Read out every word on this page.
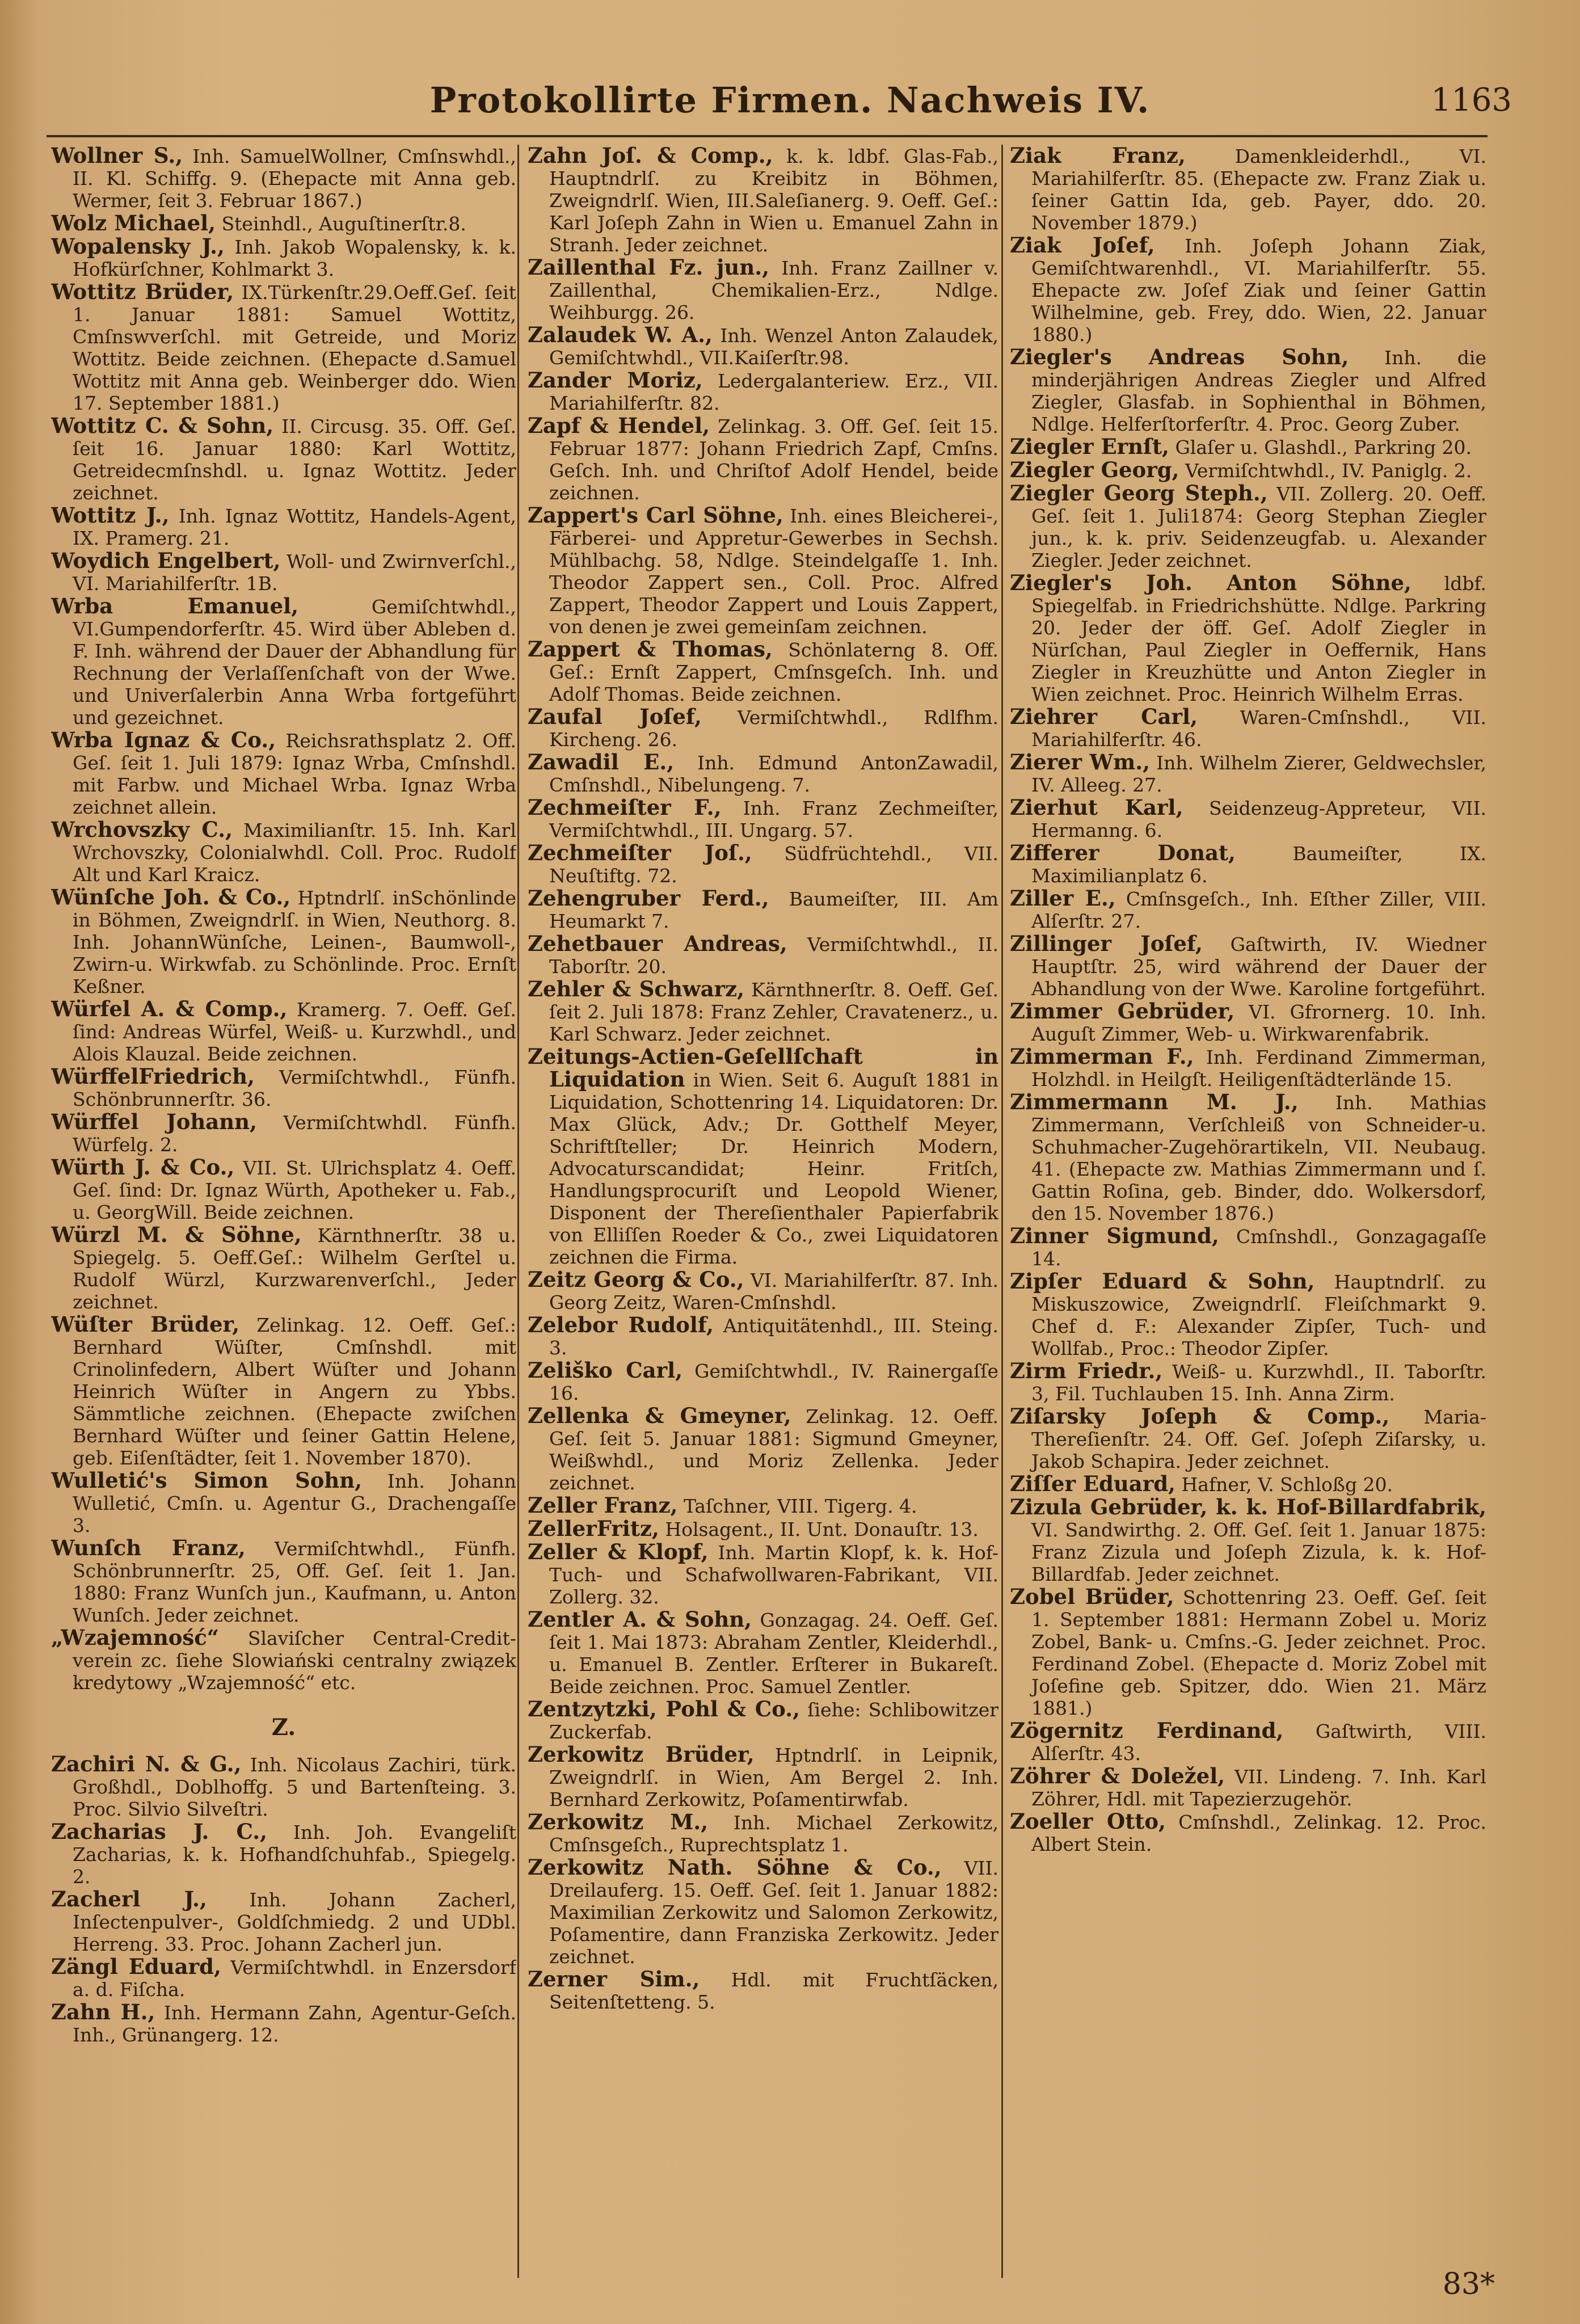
Protokollirte Firmen. Nachweis IV.	1163

Wollner S., Inh. SamuelWollner, Cmſnswhdl., II. Kl. Schiffg. 9. (Ehepacte mit Anna geb. Wermer, ſeit 3. Februar 1867.)

Wolz Michael, Steinhdl., Auguſtinerſtr.8.

Wopalensky J., Inh. Jakob Wopalensky, k. k. Hofkürſchner, Kohlmarkt 3.

Wottitz Brüder, IX.Türkenſtr.29.Oeff.Geſ. ſeit 1. Januar 1881: Samuel Wottitz, Cmſnswverſchl. mit Getreide, und Moriz Wottitz. Beide zeichnen. (Ehepacte d.Samuel Wottitz mit Anna geb. Weinberger ddo. Wien 17. September 1881.)

Wottitz C. & Sohn, II. Circusg. 35. Off. Geſ. ſeit 16. Januar 1880: Karl Wottitz, Getreidecmſnshdl. u. Ignaz Wottitz. Jeder zeichnet.

Wottitz J., Inh. Ignaz Wottitz, Handels-Agent, IX. Pramerg. 21.

Woydich Engelbert, Woll- und Zwirnverſchl., VI. Mariahilferſtr. 1B.

Wrba Emanuel,	Gemiſchtwhdl., VI.Gumpendorferſtr. 45. Wird über Ableben d. F. Inh. während der Dauer der Abhandlung für Rechnung der Verlaſſenſchaft von der Wwe. und Univerſalerbin Anna Wrba fortgeführt und gezeichnet.

Wrba Ignaz & Co., Reichsrathsplatz 2. Off. Geſ. ſeit 1. Juli 1879: Ignaz Wrba, Cmſnshdl. mit Farbw. und Michael Wrba. Ignaz Wrba zeichnet allein.

Wrchovszky C., Maximilianſtr. 15. Inh. Karl Wrchovszky, Colonialwhdl. Coll. Proc. Rudolf Alt und Karl Kraicz.

Wünſche Joh. & Co., Hptndrlſ. inSchönlinde in Böhmen, Zweigndrlſ. in Wien, Neuthorg. 8. Inh. JohannWünſche, Leinen-, Baumwoll-, Zwirn-u. Wirkwfab. zu Schönlinde. Proc. Ernſt Keßner.

Würfel A. & Comp., Kramerg. 7. Oeff. Geſ. ſind: Andreas Würfel, Weiß- u. Kurzwhdl., und Alois Klauzal. Beide zeichnen.

WürffelFriedrich, Vermiſchtwhdl., Fünfh. Schönbrunnerſtr. 36.

Würffel Johann, Vermiſchtwhdl. Fünfh. Würfelg. 2.

Würth J. & Co., VII. St. Ulrichsplatz 4. Oeff. Geſ. ſind: Dr. Ignaz Würth, Apotheker u. Fab., u. GeorgWill. Beide zeichnen.

Würzl M. & Söhne, Kärnthnerſtr. 38 u. Spiegelg. 5. Oeff.Geſ.: Wilhelm Gerſtel u. Rudolf Würzl, Kurzwarenverſchl., Jeder zeichnet.

Wüſter Brüder, Zelinkag. 12. Oeff. Geſ.: Bernhard Wüſter, Cmſnshdl. mit Crinolinfedern, Albert Wüſter und Johann Heinrich Wüſter in Angern zu Ybbs. Sämmtliche zeichnen. (Ehepacte zwiſchen Bernhard Wüſter und ſeiner Gattin Helene, geb. Eiſenſtädter, ſeit 1. November 1870).

Wulletić's Simon Sohn, Inh. Johann Wulletić, Cmſn. u. Agentur G., Drachengaſſe 3.

Wunſch Franz, Vermiſchtwhdl., Fünfh. Schönbrunnerſtr. 25, Off. Geſ. ſeit 1. Jan. 1880: Franz Wunſch jun., Kaufmann, u. Anton Wunſch. Jeder zeichnet.

„Wzajemność“ Slaviſcher Central-Credit-verein zc. ſiehe Slowiański centralny związek kredytowy „Wzajemność“ etc.

Z.

Zachiri N. & G., Inh. Nicolaus Zachiri, türk. Großhdl., Doblhoffg. 5 und Bartenſteing. 3. Proc. Silvio Silveſtri.

Zacharias J. C., Inh. Joh. Evangeliſt Zacharias, k. k. Hofhandſchuhfab., Spiegelg. 2.

Zacherl J., Inh. Johann Zacherl, Inſectenpulver-, Goldſchmiedg. 2 und UDbl. Herreng. 33. Proc. Johann Zacherl jun.

Zängl Eduard, Vermiſchtwhdl. in Enzersdorf a. d. Fiſcha.

Zahn H., Inh. Hermann Zahn, Agentur-Geſch. Inh., Grünangerg. 12.

Zahn Joſ. & Comp., k. k. ldbf. Glas-Fab., Hauptndrlſ. zu Kreibitz in Böhmen, Zweigndrlſ. Wien, III.Saleſianerg. 9. Oeff. Geſ.: Karl Joſeph Zahn in Wien u. Emanuel Zahn in Stranh. Jeder zeichnet.

Zaillenthal Fz. jun., Inh. Franz Zaillner v. Zaillenthal, Chemikalien-Erz., Ndlge. Weihburgg. 26.

Zalaudek W. A., Inh. Wenzel Anton Zalaudek, Gemiſchtwhdl., VII.Kaiſerſtr.98.

Zander Moriz, Ledergalanteriew. Erz., VII. Mariahilferſtr. 82.

Zapf & Hendel, Zelinkag. 3. Off. Geſ. ſeit 15. Februar 1877: Johann Friedrich Zapf, Cmſns. Geſch. Inh. und Chriſtof Adolf Hendel, beide zeichnen.

Zappert's Carl Söhne, Inh. eines Bleicherei-, Färberei- und Appretur-Gewerbes in Sechsh. Mühlbachg. 58, Ndlge. Steindelgaſſe 1. Inh. Theodor Zappert sen., Coll. Proc. Alfred Zappert, Theodor Zappert und Louis Zappert, von denen je zwei gemeinſam zeichnen.

Zappert & Thomas, Schönlaterng 8. Off. Geſ.: Ernſt Zappert, Cmſnsgeſch. Inh. und Adolf Thomas. Beide zeichnen.

Zaufal Joſef, Vermiſchtwhdl., Rdlfhm. Kircheng. 26.

Zawadil E., Inh. Edmund AntonZawadil, Cmſnshdl., Nibelungeng. 7.

Zechmeiſter F., Inh. Franz Zechmeiſter, Vermiſchtwhdl., III. Ungarg. 57.

Zechmeiſter Joſ., Südfrüchtehdl., VII. Neuſtiftg. 72.

Zehengruber Ferd., Baumeiſter, III. Am Heumarkt 7.

Zehetbauer Andreas, Vermiſchtwhdl., II. Taborſtr. 20.

Zehler & Schwarz, Kärnthnerſtr. 8. Oeff. Geſ. ſeit 2. Juli 1878: Franz Zehler, Cravatenerz., u. Karl Schwarz. Jeder zeichnet.

Zeitungs-Actien-Geſellſchaft in Liquidation in Wien. Seit 6. Auguſt 1881 in Liquidation, Schottenring 14. Liquidatoren: Dr. Max Glück, Adv.; Dr. Gotthelf Meyer, Schriftſteller; Dr. Heinrich Modern, Advocaturscandidat; Heinr. Fritſch, Handlungsprocuriſt und Leopold Wiener, Disponent der Thereſienthaler Papierfabrik von Elliſſen Roeder & Co., zwei Liquidatoren zeichnen die Firma.

Zeitz Georg & Co., VI. Mariahilferſtr. 87. Inh. Georg Zeitz, Waren-Cmſnshdl.

Zelebor Rudolf, Antiquitätenhdl., III. Steing. 3.

Zeliško Carl, Gemiſchtwhdl., IV. Rainergaſſe 16.

Zellenka & Gmeyner, Zelinkag. 12. Oeff. Geſ. ſeit 5. Januar 1881: Sigmund Gmeyner, Weißwhdl., und Moriz Zellenka. Jeder zeichnet.

Zeller Franz, Taſchner, VIII. Tigerg. 4.

ZellerFritz, Holsagent., II. Unt. Donauſtr. 13.

Zeller & Klopf, Inh. Martin Klopf, k. k. Hof-Tuch- und Schafwollwaren-Fabrikant, VII. Zollerg. 32.

Zentler A. & Sohn, Gonzagag. 24. Oeff. Geſ. ſeit 1. Mai 1873: Abraham Zentler, Kleiderhdl., u. Emanuel B. Zentler. Erſterer in Bukareſt. Beide zeichnen. Proc. Samuel Zentler.

Zentzytzki, Pohl & Co., ſiehe: Schlibowitzer Zuckerfab.

Zerkowitz Brüder, Hptndrlſ. in Leipnik, Zweigndrlſ. in Wien, Am Bergel 2. Inh. Bernhard Zerkowitz, Poſamentirwfab.

Zerkowitz M., Inh. Michael Zerkowitz, Cmſnsgeſch., Ruprechtsplatz 1.

Zerkowitz Nath. Söhne & Co., VII. Dreilauferg. 15. Oeff. Geſ. ſeit 1. Januar 1882: Maximilian Zerkowitz und Salomon Zerkowitz, Poſamentire, dann Franziska Zerkowitz. Jeder zeichnet.

Zerner Sim., Hdl. mit Fruchtſäcken, Seitenſtetteng. 5.

Ziak Franz,	Damenkleiderhdl., VI. Mariahilferſtr. 85. (Ehepacte zw. Franz Ziak u. ſeiner Gattin Ida, geb. Payer, ddo. 20. November 1879.)

Ziak Joſef, Inh. Joſeph Johann Ziak, Gemiſchtwarenhdl., VI. Mariahilferſtr. 55. Ehepacte zw. Joſef Ziak und ſeiner Gattin Wilhelmine, geb. Frey, ddo. Wien, 22. Januar 1880.)

Ziegler's Andreas Sohn, Inh. die minderjährigen Andreas Ziegler und Alfred Ziegler, Glasfab. in Sophienthal in Böhmen, Ndlge. Helferſtorferſtr. 4. Proc. Georg Zuber.

Ziegler Ernſt, Glaſer u. Glashdl., Parkring 20.

Ziegler Georg, Vermiſchtwhdl., IV. Paniglg. 2.

Ziegler Georg Steph., VII. Zollerg. 20. Oeff. Geſ. ſeit 1. Juli1874: Georg Stephan Ziegler jun., k. k. priv. Seidenzeugfab. u. Alexander Ziegler. Jeder zeichnet.

Ziegler's Joh. Anton Söhne, ldbf. Spiegelfab. in Friedrichshütte. Ndlge. Parkring 20. Jeder der öff. Geſ. Adolf Ziegler in Nürſchan, Paul Ziegler in Oeffernik, Hans Ziegler in Kreuzhütte und Anton Ziegler in Wien zeichnet. Proc. Heinrich Wilhelm Erras.

Ziehrer Carl, Waren-Cmſnshdl., VII. Mariahilferſtr. 46.

Zierer Wm., Inh. Wilhelm Zierer, Geldwechsler, IV. Alleeg. 27.

Zierhut Karl, Seidenzeug-Appreteur, VII. Hermanng. 6.

Zifferer Donat,	Baumeiſter, IX. Maximilianplatz 6.

Ziller E., Cmſnsgeſch., Inh. Eſther Ziller, VIII. Alſerſtr. 27.

Zillinger Joſef, Gaſtwirth, IV. Wiedner Hauptſtr. 25, wird während der Dauer der Abhandlung von der Wwe. Karoline fortgeführt.

Zimmer Gebrüder, VI. Gfrornerg. 10. Inh. Auguſt Zimmer, Web- u. Wirkwarenfabrik.

Zimmerman F., Inh. Ferdinand Zimmerman, Holzhdl. in Heilgſt. Heiligenſtädterlände 15.

Zimmermann M. J., Inh. Mathias Zimmermann, Verſchleiß von Schneider-u. Schuhmacher-Zugehörartikeln, VII. Neubaug. 41. (Ehepacte zw. Mathias Zimmermann und ſ. Gattin Roſina, geb. Binder, ddo. Wolkersdorf, den 15. November 1876.)

Zinner Sigmund, Cmſnshdl., Gonzagagaſſe 14.

Zipſer Eduard & Sohn, Hauptndrlſ. zu Miskuszowice, Zweigndrlſ. Fleiſchmarkt 9. Chef d. F.: Alexander Zipſer, Tuch- und Wollfab., Proc.: Theodor Zipſer.

Zirm Friedr., Weiß- u. Kurzwhdl., II. Taborſtr. 3, Fil. Tuchlauben 15. Inh. Anna Zirm.

Ziſarsky Joſeph & Comp., Maria-Thereſienſtr. 24. Off. Geſ. Joſeph Ziſarsky, u. Jakob Schapira. Jeder zeichnet.

Ziſſer Eduard, Hafner, V. Schloßg 20.

Zizula Gebrüder, k. k. Hof-Billardfabrik, VI. Sandwirthg. 2. Off. Geſ. ſeit 1. Januar 1875: Franz Zizula und Joſeph Zizula, k. k. Hof-Billardfab. Jeder zeichnet.

Zobel Brüder, Schottenring 23. Oeff. Geſ. ſeit 1. September 1881: Hermann Zobel u. Moriz Zobel, Bank- u. Cmſns.-G. Jeder zeichnet. Proc. Ferdinand Zobel. (Ehepacte d. Moriz Zobel mit Joſefine geb. Spitzer, ddo. Wien 21. März 1881.)

Zögernitz Ferdinand, Gaſtwirth, VIII. Alſerſtr. 43.

Zöhrer & Doležel, VII. Lindeng. 7. Inh. Karl Zöhrer, Hdl. mit Tapezierzugehör.

Zoeller Otto, Cmſnshdl., Zelinkag. 12. Proc. Albert Stein.

83*
